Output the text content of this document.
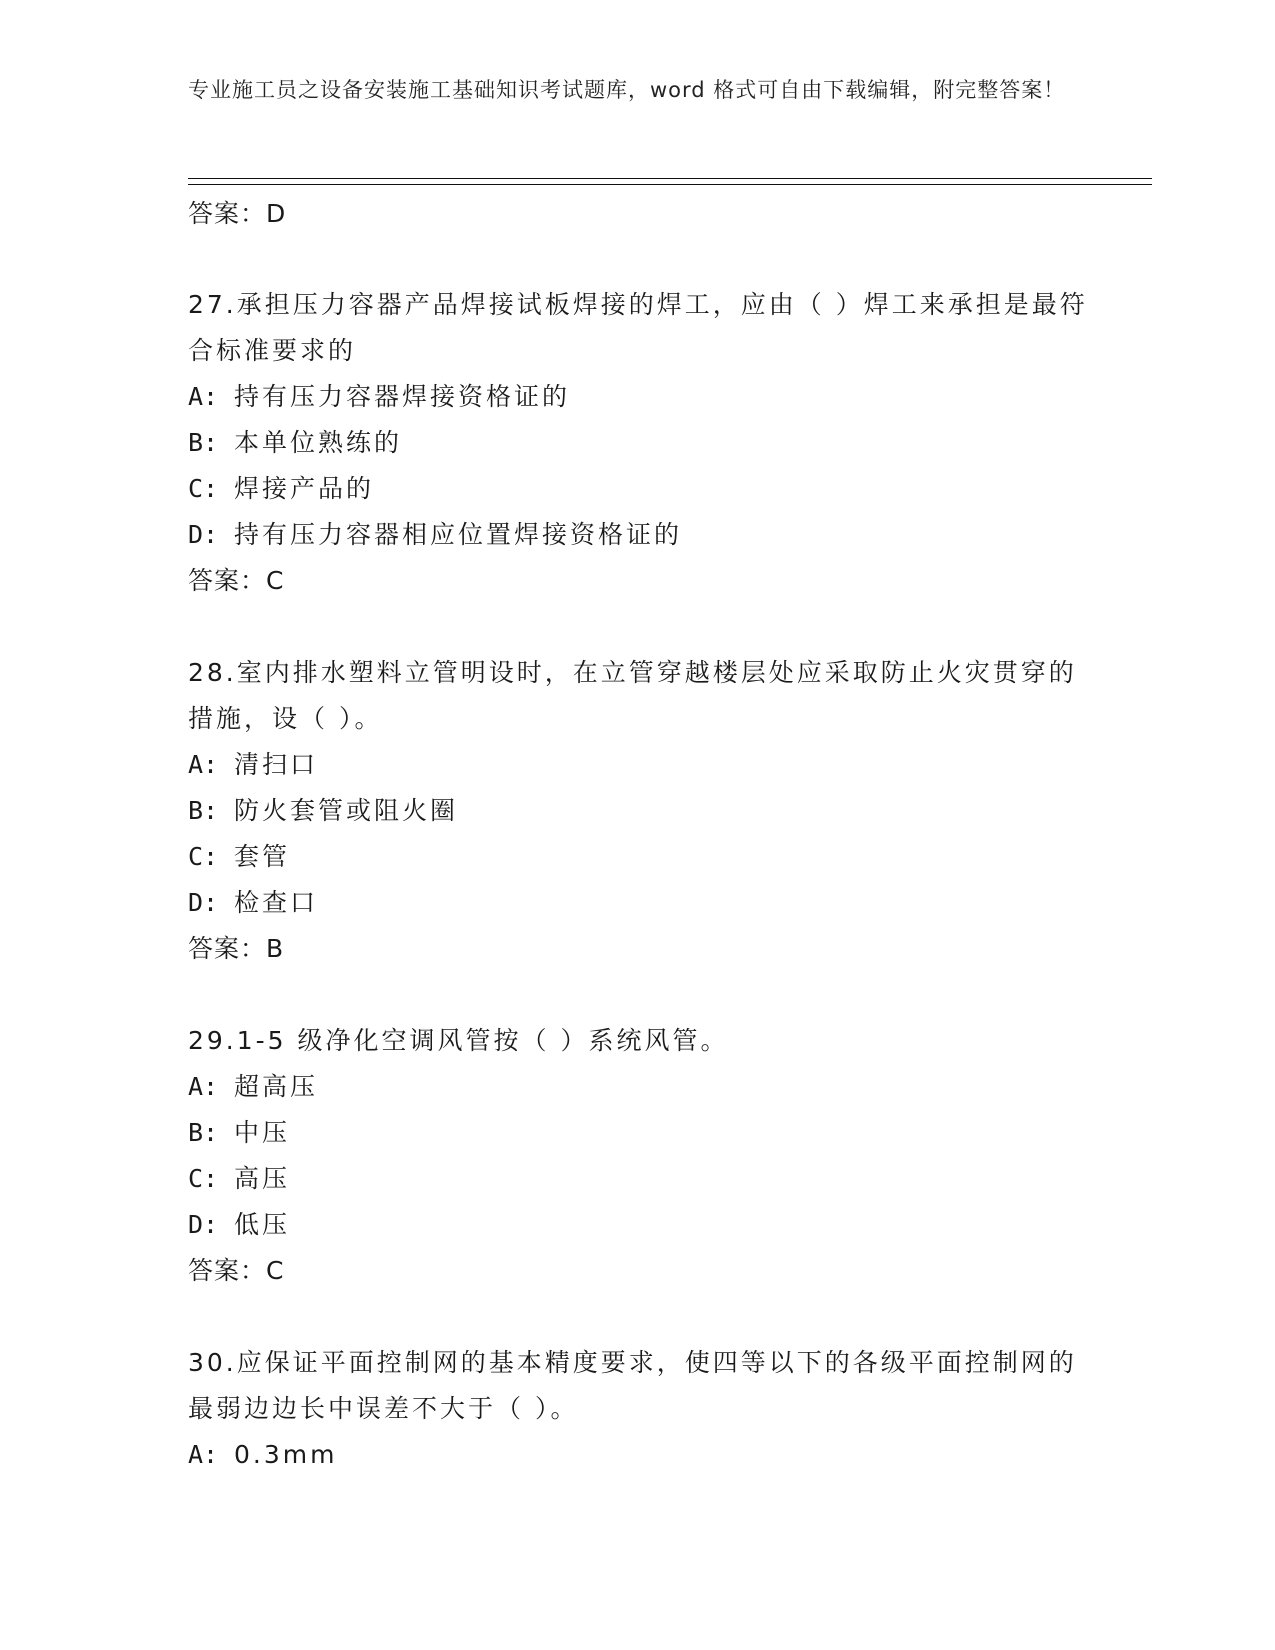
专业施工员之设备安装施工基础知识考试题库，word 格式可自由下载编辑，附完整答案！
答案：D
27.承担压力容器产品焊接试板焊接的焊工，应由（ ）焊工来承担是最符合标准要求的
A: 持有压力容器焊接资格证的
B: 本单位熟练的
C: 焊接产品的
D: 持有压力容器相应位置焊接资格证的
答案：C
28.室内排水塑料立管明设时，在立管穿越楼层处应采取防止火灾贯穿的措施，设（ ）。
A: 清扫口
B: 防火套管或阻火圈
C: 套管
D: 检查口
答案：B
29.1-5 级净化空调风管按（ ）系统风管。
A: 超高压
B: 中压
C: 高压
D: 低压
答案：C
30.应保证平面控制网的基本精度要求，使四等以下的各级平面控制网的最弱边边长中误差不大于（ ）。
A: 0.3mm
